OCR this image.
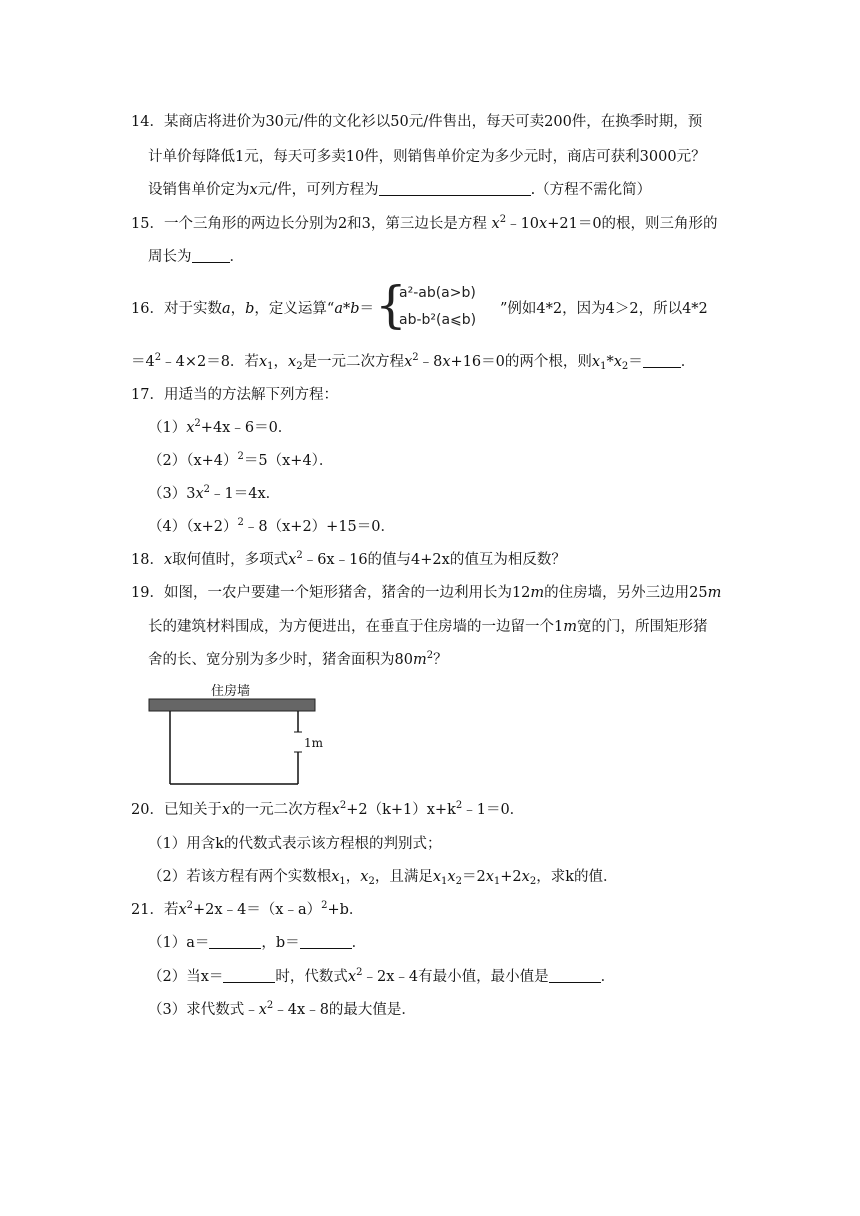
14．某商店将进价为30元/件的文化衫以50元/件售出，每天可卖200件，在换季时期，预
计单价每降低1元，每天可多卖10件，则销售单价定为多少元时，商店可获利3000元？
设销售单价定为x元/件，可列方程为	.（方程不需化简）
15．一个三角形的两边长分别为2和3，第三边长是方程 $x^2﹣10x+21=0$的根，则三角形的
周长为	．
16．对于实数a，b，定义运算“a*b＝	”例如4*2，因为4＞2，所以4*2
{
a²-ab(a>b)
ab-b²(a⩽b)
$=4^2﹣4\times 2=8$．若$x_1$，$x_2$是一元二次方程$x^2﹣8x+16=0$的两个根，则$x_1*x_2=$	．
17．用适当的方法解下列方程：
$(1)x^2+4x﹣6=0$．
$(2)(x+4)^2=5(x+4)$．
$(3)3x^2﹣1=4x$．
$(4)(x+2)^2﹣8(x+2)+15=0$．
18．x取何值时，多项式$x^2﹣6x﹣16$的值与4+2x的值互为相反数？
19．如图，一农户要建一个矩形猪舍，猪舍的一边利用长为12m的住房墙，另外三边用25m
长的建筑材料围成，为方便进出，在垂直于住房墙的一边留一个1m宽的门，所围矩形猪
舍的长、宽分别为多少时，猪舍面积为$80m^2$？
住房墙
1m
20．已知关于x的一元二次方程$x^2+2(k+1)x+k^2﹣1=0$．
（1）用含k的代数式表示该方程根的判别式；
（2）若该方程有两个实数根$x_1$，$x_2$，且满足$x_1x_2=2x_1+2x_2$，求k的值．
21．若$x^2+2x﹣4=(x﹣a)^2+b$．
（1）a＝	，b＝	．
（2）当x＝	时，代数式$x^2﹣2x﹣4$有最小值，最小值是	．
（3）求代数式$﹣x^2﹣4x﹣8$的最大值是．
